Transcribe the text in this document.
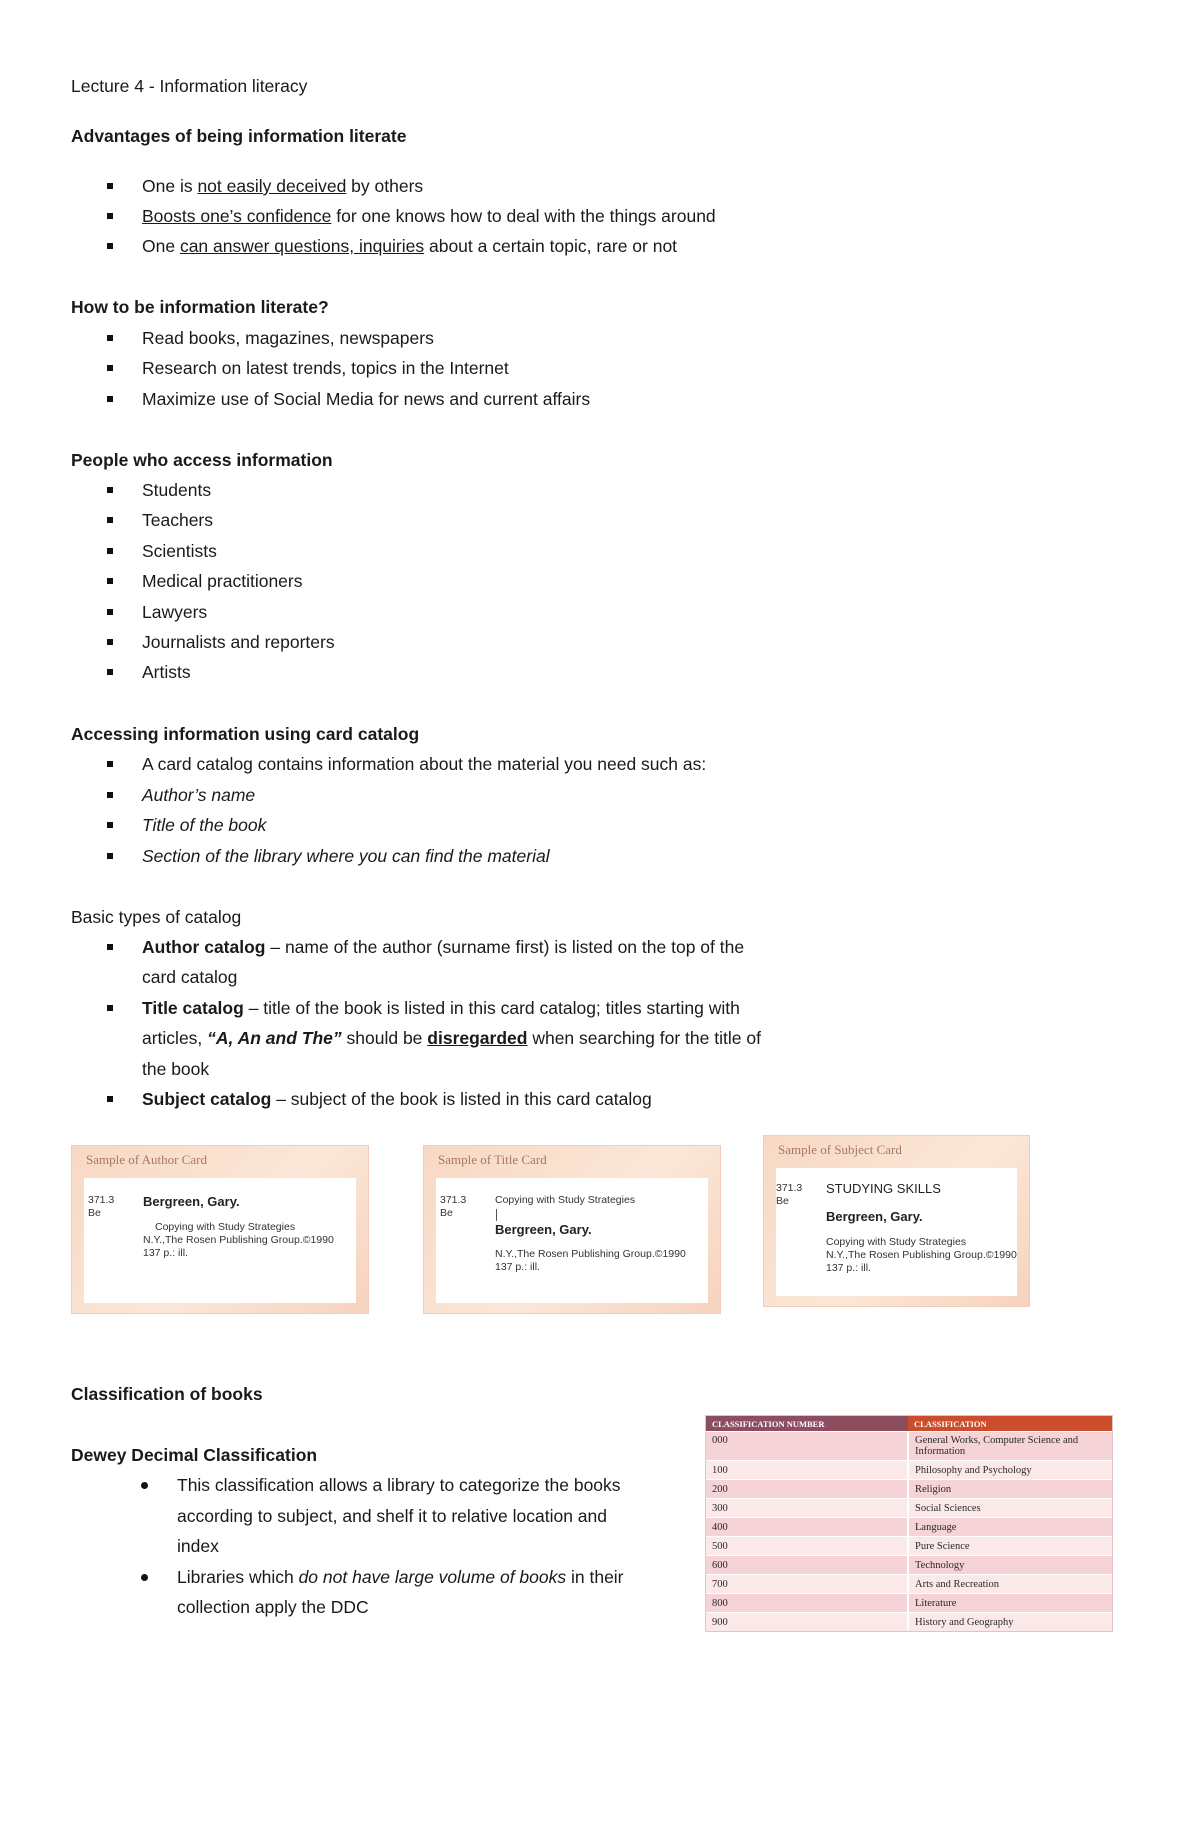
Lecture 4 - Information literacy
Advantages of being information literate
One is not easily deceived by others
Boosts one’s confidence for one knows how to deal with the things around
One can answer questions, inquiries about a certain topic, rare or not
How to be information literate?
Read books, magazines, newspapers
Research on latest trends, topics in the Internet
Maximize use of Social Media for news and current affairs
People who access information
Students
Teachers
Scientists
Medical practitioners
Lawyers
Journalists and reporters
Artists
Accessing information using card catalog
A card catalog contains information about the material you need such as:
Author’s name
Title of the book
Section of the library where you can find the material
Basic types of catalog
Author catalog – name of the author (surname first) is listed on the top of the
card catalog
Title catalog – title of the book is listed in this card catalog; titles starting with
articles, “A, An and The” should be disregarded when searching for the title of
the book
Subject catalog – subject of the book is listed in this card catalog
Sample of Author Card
371.3
Be
Bergreen, Gary.
Copying with Study Strategies
N.Y.,The Rosen Publishing Group.©1990
137 p.: ill.
Sample of Title Card
371.3
Be
Copying with Study Strategies
Bergreen, Gary.
N.Y.,The Rosen Publishing Group.©1990
137 p.: ill.
Sample of Subject Card
371.3
Be
STUDYING SKILLS
Bergreen, Gary.
Copying with Study Strategies
N.Y.,The Rosen Publishing Group.©1990
137 p.: ill.
Classification of books
Dewey Decimal Classification
This classification allows a library to categorize the books
according to subject, and shelf it to relative location and
index
Libraries which do not have large volume of books in their
collection apply the DDC
CLASSIFICATION NUMBER	CLASSIFICATION
000	General Works, Computer Science and Information
100	Philosophy and Psychology
200	Religion
300	Social Sciences
400	Language
500	Pure Science
600	Technology
700	Arts and Recreation
800	Literature
900	History and Geography
